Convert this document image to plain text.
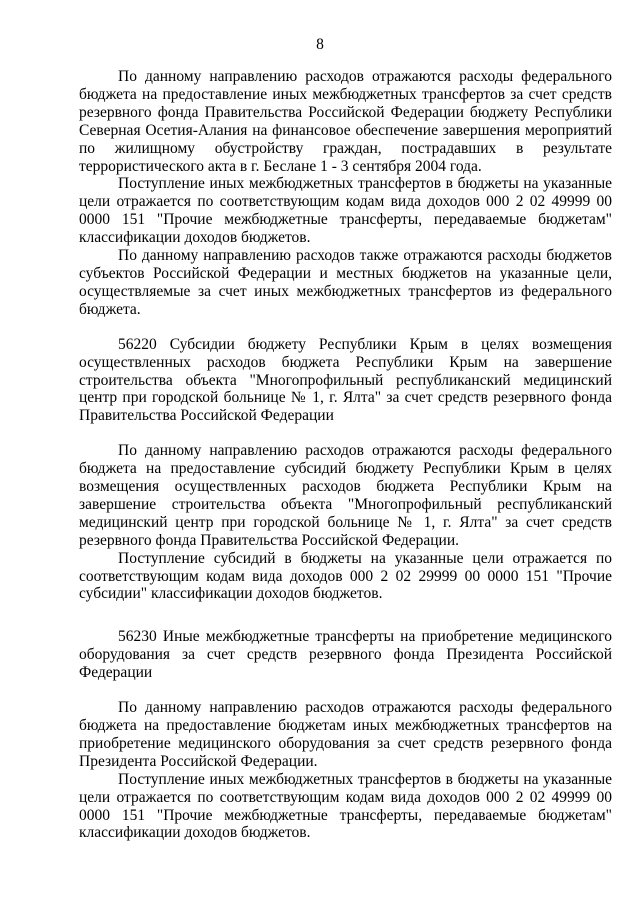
8

По данному направлению расходов отражаются расходы федерального бюджета на предоставление иных межбюджетных трансфертов за счет средств резервного фонда Правительства Российской Федерации бюджету Республики Северная Осетия-Алания на финансовое обеспечение завершения мероприятий по жилищному обустройству граждан, пострадавших в результате террористического акта в г. Беслане 1 - 3 сентября 2004 года.

Поступление иных межбюджетных трансфертов в бюджеты на указанные цели отражается по соответствующим кодам вида доходов 000 2 02 49999 00 0000 151 "Прочие межбюджетные трансферты, передаваемые бюджетам" классификации доходов бюджетов.

По данному направлению расходов также отражаются расходы бюджетов субъектов Российской Федерации и местных бюджетов на указанные цели, осуществляемые за счет иных межбюджетных трансфертов из федерального бюджета.

56220 Субсидии бюджету Республики Крым в целях возмещения осуществленных расходов бюджета Республики Крым на завершение строительства объекта "Многопрофильный республиканский медицинский центр при городской больнице № 1, г. Ялта" за счет средств резервного фонда Правительства Российской Федерации

По данному направлению расходов отражаются расходы федерального бюджета на предоставление субсидий бюджету Республики Крым в целях возмещения осуществленных расходов бюджета Республики Крым на завершение строительства объекта "Многопрофильный республиканский медицинский центр при городской больнице № 1, г. Ялта" за счет средств резервного фонда Правительства Российской Федерации.

Поступление субсидий в бюджеты на указанные цели отражается по соответствующим кодам вида доходов 000 2 02 29999 00 0000 151 "Прочие субсидии" классификации доходов бюджетов.

56230 Иные межбюджетные трансферты на приобретение медицинского оборудования за счет средств резервного фонда Президента Российской Федерации

По данному направлению расходов отражаются расходы федерального бюджета на предоставление бюджетам иных межбюджетных трансфертов на приобретение медицинского оборудования за счет средств резервного фонда Президента Российской Федерации.

Поступление иных межбюджетных трансфертов в бюджеты на указанные цели отражается по соответствующим кодам вида доходов 000 2 02 49999 00 0000 151 "Прочие межбюджетные трансферты, передаваемые бюджетам" классификации доходов бюджетов.
